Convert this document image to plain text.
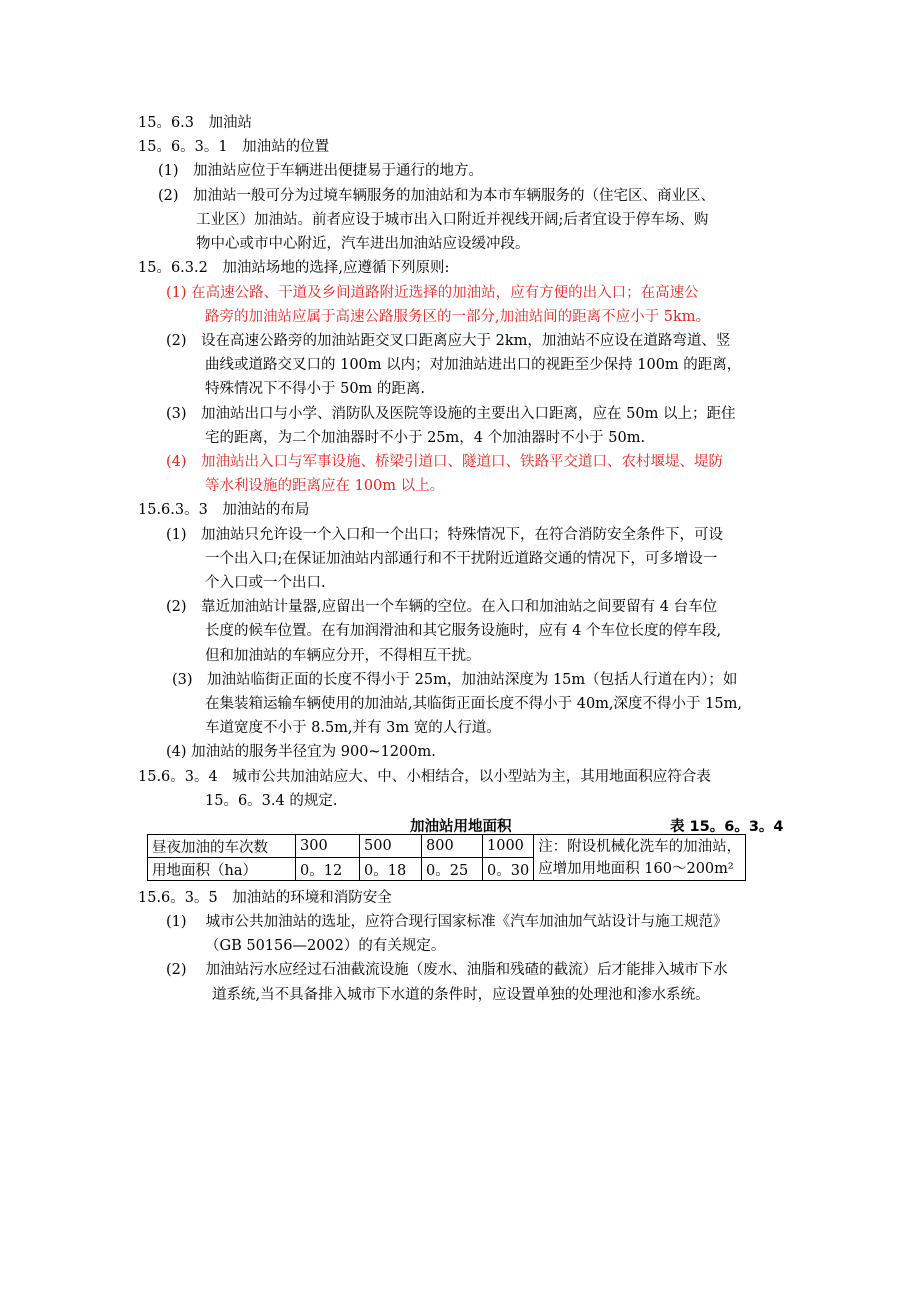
15。6.3　加油站
15。6。3。1　加油站的位置
(1)　加油站应位于车辆进出便捷易于通行的地方。
(2)　加油站一般可分为过境车辆服务的加油站和为本市车辆服务的（住宅区、商业区、
工业区）加油站。前者应设于城市出入口附近并视线开阔;后者宜设于停车场、购
物中心或市中心附近，汽车进出加油站应设缓冲段。
15。6.3.2　加油站场地的选择,应遵循下列原则:
(1) 在高速公路、干道及乡间道路附近选择的加油站，应有方便的出入口；在高速公
路旁的加油站应属于高速公路服务区的一部分,加油站间的距离不应小于 5km。
(2)　设在高速公路旁的加油站距交叉口距离应大于 2km，加油站不应设在道路弯道、竖
曲线或道路交叉口的 100m 以内；对加油站进出口的视距至少保持 100m 的距离，
特殊情况下不得小于 50m 的距离.
(3)　加油站出口与小学、消防队及医院等设施的主要出入口距离，应在 50m 以上；距住
宅的距离，为二个加油器时不小于 25m，4 个加油器时不小于 50m.
(4)　加油站出入口与军事设施、桥梁引道口、隧道口、铁路平交道口、农村堰堤、堤防
等水利设施的距离应在 100m 以上。
15.6.3。3　加油站的布局
(1)　加油站只允许设一个入口和一个出口；特殊情况下，在符合消防安全条件下，可设
一个出入口;在保证加油站内部通行和不干扰附近道路交通的情况下，可多增设一
个入口或一个出口.
(2)　靠近加油站计量器,应留出一个车辆的空位。在入口和加油站之间要留有 4 台车位
长度的候车位置。在有加润滑油和其它服务设施时，应有 4 个车位长度的停车段,
但和加油站的车辆应分开，不得相互干扰。
(3)　加油站临街正面的长度不得小于 25m，加油站深度为 15m（包括人行道在内）；如
在集装箱运输车辆使用的加油站,其临街正面长度不得小于 40m,深度不得小于 15m,
车道宽度不小于 8.5m,并有 3m 宽的人行道。
(4) 加油站的服务半径宜为 900~1200m.
15.6。3。4　城市公共加油站应大、中、小相结合，以小型站为主，其用地面积应符合表
15。6。3.4 的规定.
加油站用地面积	表 15。6。3。4
昼夜加油的车次数	300	500	800	1000	注：附设机械化洗车的加油站，
应增加用地面积 160～200m²

用地面积（ha）	0。12	0。18	0。25	0。30	
15.6。3。5　加油站的环境和消防安全
(1)　 城市公共加油站的选址，应符合现行国家标准《汽车加油加气站设计与施工规范》
（GB 50156—2002）的有关规定。
(2)　 加油站污水应经过石油截流设施（废水、油脂和残碴的截流）后才能排入城市下水
道系统,当不具备排入城市下水道的条件时，应设置单独的处理池和渗水系统。
